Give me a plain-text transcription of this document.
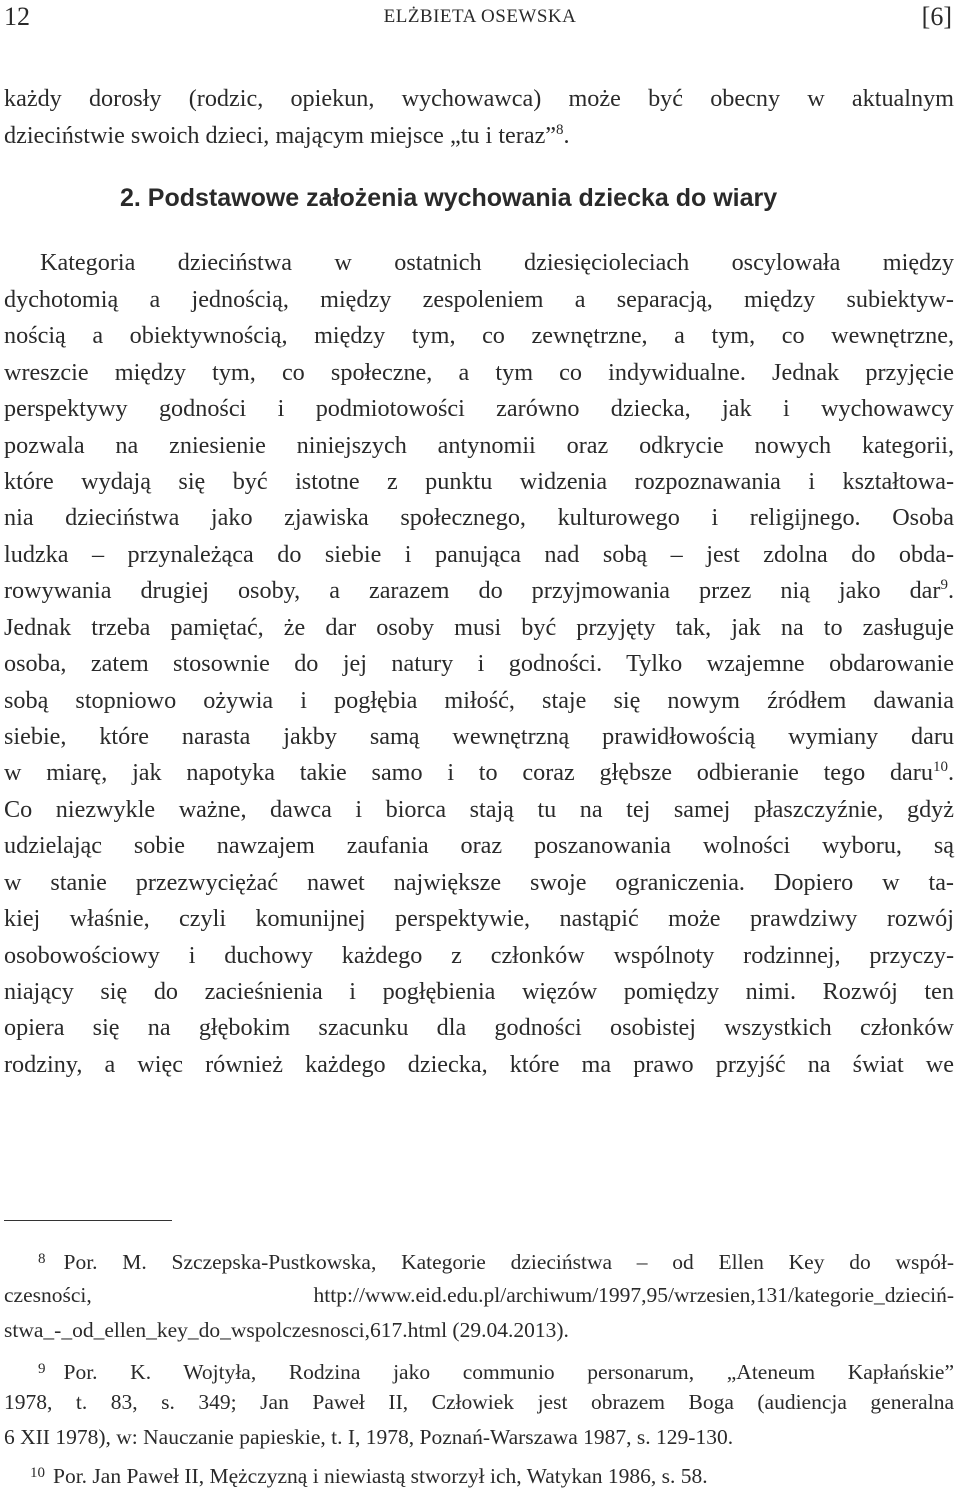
12	ELŻBIETA OSEWSKA	[6]
każdy dorosły (rodzic, opiekun, wychowawca) może być obecny w aktualnym
dzieciństwie swoich dzieci, mającym miejsce „tu i teraz”$^8$.
2. Podstawowe założenia wychowania dziecka do wiary
Kategoria dzieciństwa w ostatnich dziesięcioleciach oscylowała między
dychotomią a jednością, między zespoleniem a separacją, między subiektyw-
nością a obiektywnością, między tym, co zewnętrzne, a tym, co wewnętrzne,
wreszcie między tym, co społeczne, a tym co indywidualne. Jednak przyjęcie
perspektywy godności i podmiotowości zarówno dziecka, jak i wychowawcy
pozwala na zniesienie niniejszych antynomii oraz odkrycie nowych kategorii,
które wydają się być istotne z punktu widzenia rozpoznawania i kształtowa-
nia dzieciństwa jako zjawiska społecznego, kulturowego i religijnego. Osoba
ludzka – przynależąca do siebie i panująca nad sobą – jest zdolna do obda-
rowywania drugiej osoby, a zarazem do przyjmowania przez nią jako dar$^9$.
Jednak trzeba pamiętać, że dar osoby musi być przyjęty tak, jak na to zasługuje
osoba, zatem stosownie do jej natury i godności. Tylko wzajemne obdarowanie
sobą stopniowo ożywia i pogłębia miłość, staje się nowym źródłem dawania
siebie, które narasta jakby samą wewnętrzną prawidłowością wymiany daru
w miarę, jak napotyka takie samo i to coraz głębsze odbieranie tego daru$^{10}$.
Co niezwykle ważne, dawca i biorca stają tu na tej samej płaszczyźnie, gdyż
udzielając sobie nawzajem zaufania oraz poszanowania wolności wyboru, są
w stanie przezwyciężać nawet największe swoje ograniczenia. Dopiero w ta-
kiej właśnie, czyli komunijnej perspektywie, nastąpić może prawdziwy rozwój
osobowościowy i duchowy każdego z członków wspólnoty rodzinnej, przyczy-
niający się do zacieśnienia i pogłębienia więzów pomiędzy nimi. Rozwój ten
opiera się na głębokim szacunku dla godności osobistej wszystkich członków
rodziny, a więc również każdego dziecka, które ma prawo przyjść na świat we
$^8$ Por. M. Szczepska-Pustkowska, Kategorie dzieciństwa – od Ellen Key do współ-
czesności, http://www.eid.edu.pl/archiwum/1997,95/wrzesien,131/kategorie_dzieciń-
stwa_-_od_ellen_key_do_wspolczesnosci,617.html (29.04.2013).
$^9$ Por. K. Wojtyła, Rodzina jako communio personarum, „Ateneum Kapłańskie”
1978, t. 83, s. 349; Jan Paweł II, Człowiek jest obrazem Boga (audiencja generalna
6 XII 1978), w: Nauczanie papieskie, t. I, 1978, Poznań-Warszawa 1987, s. 129-130.
$^{10}$ Por. Jan Paweł II, Mężczyzną i niewiastą stworzył ich, Watykan 1986, s. 58.
